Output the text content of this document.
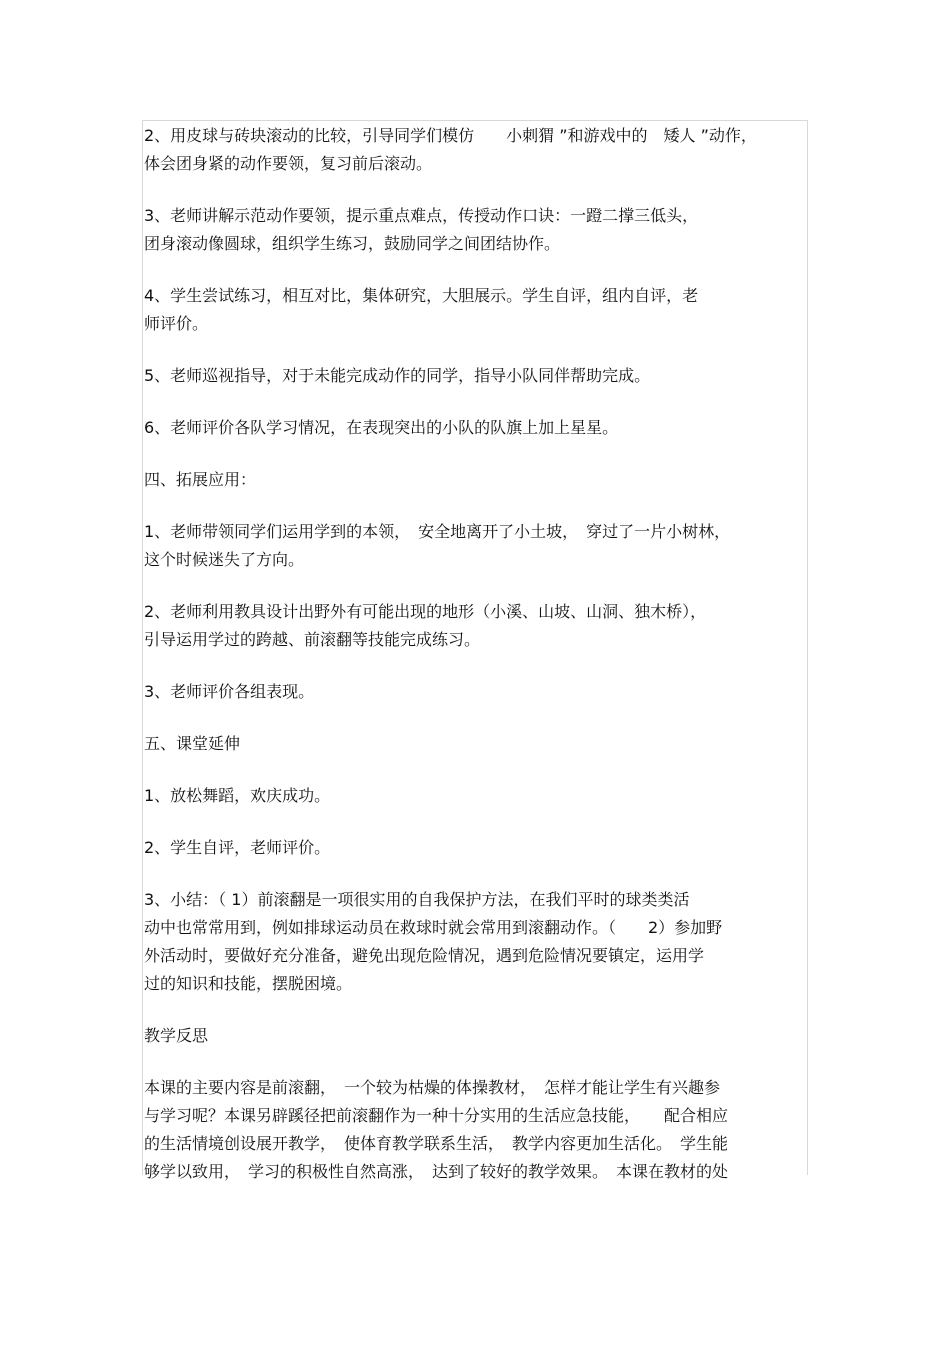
2、用皮球与砖块滚动的比较，引导同学们模仿　　小刺猬 ”和游戏中的　矮人 ”动作，
体会团身紧的动作要领，复习前后滚动。
3、老师讲解示范动作要领，提示重点难点，传授动作口诀：一蹬二撑三低头，
团身滚动像圆球，组织学生练习，鼓励同学之间团结协作。
4、学生尝试练习，相互对比，集体研究，大胆展示。学生自评，组内自评，老
师评价。
5、老师巡视指导，对于未能完成动作的同学，指导小队同伴帮助完成。
6、老师评价各队学习情况，在表现突出的小队的队旗上加上星星。
四、拓展应用：
1、老师带领同学们运用学到的本领，　安全地离开了小土坡，　穿过了一片小树林，
这个时候迷失了方向。
2、老师利用教具设计出野外有可能出现的地形（小溪、山坡、山洞、独木桥），
引导运用学过的跨越、前滚翻等技能完成练习。
3、老师评价各组表现。
五、课堂延伸
1、放松舞蹈，欢庆成功。
2、学生自评，老师评价。
3、小结：（ 1）前滚翻是一项很实用的自我保护方法，在我们平时的球类类活
动中也常常用到，例如排球运动员在救球时就会常用到滚翻动作。（　　2）参加野
外活动时，要做好充分准备，避免出现危险情况，遇到危险情况要镇定，运用学
过的知识和技能，摆脱困境。
教学反思
本课的主要内容是前滚翻，　一个较为枯燥的体操教材，　怎样才能让学生有兴趣参
与学习呢？本课另辟蹊径把前滚翻作为一种十分实用的生活应急技能，　　配合相应
的生活情境创设展开教学，　使体育教学联系生活，　教学内容更加生活化。　学生能
够学以致用，　学习的积极性自然高涨，　达到了较好的教学效果。　本课在教材的处
